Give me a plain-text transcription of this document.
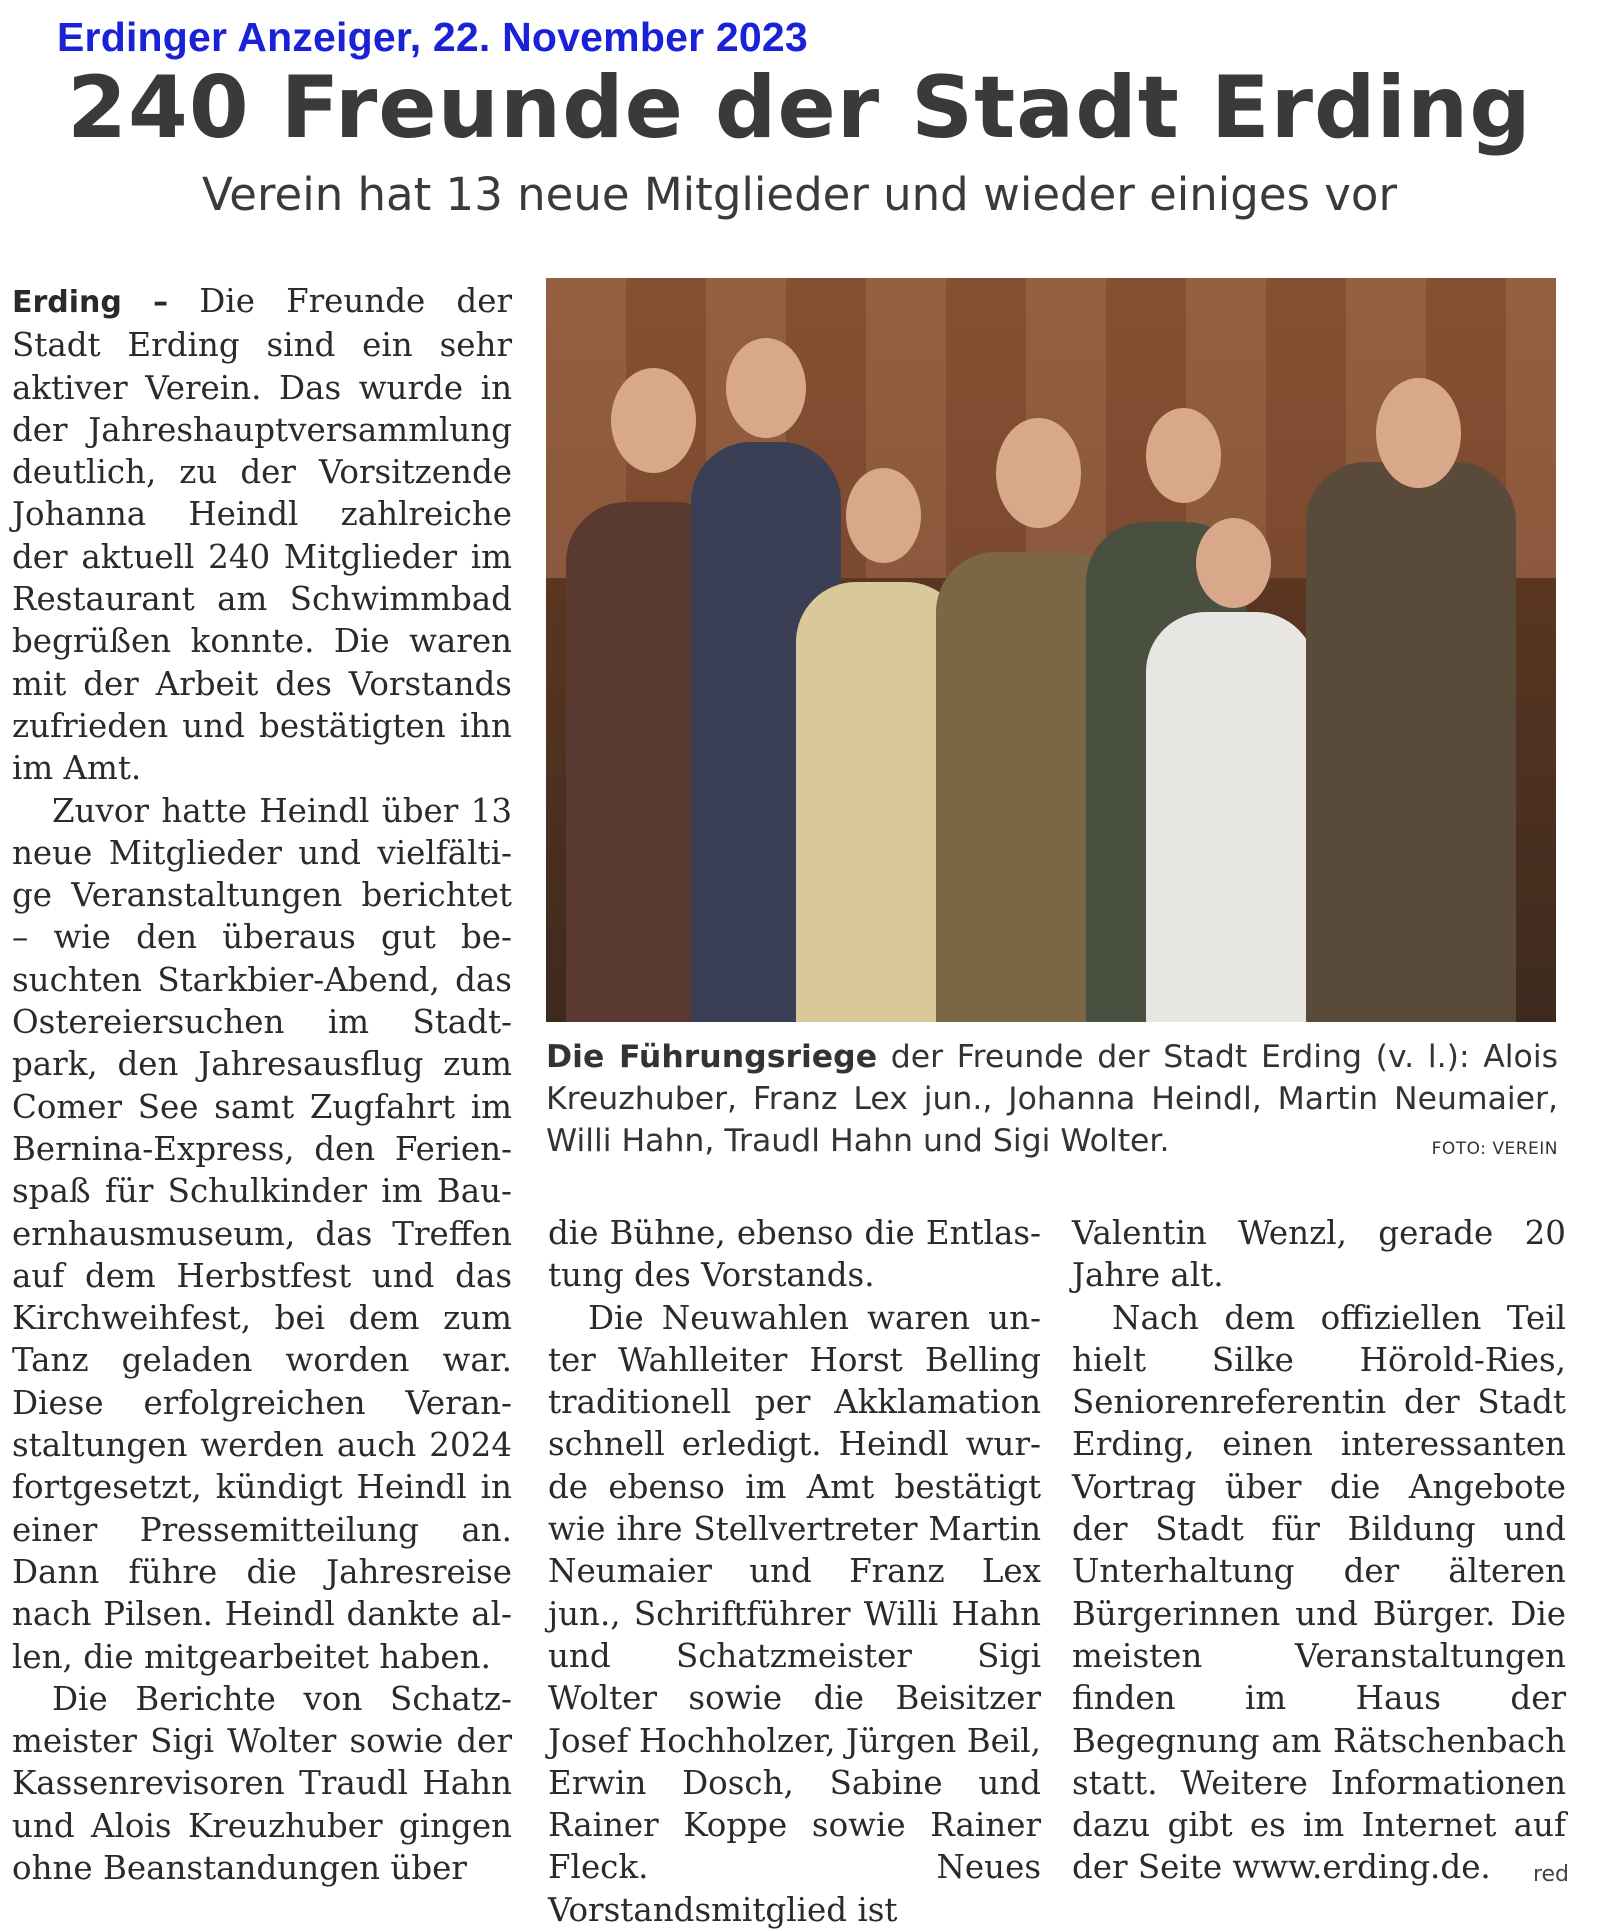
Erdinger Anzeiger, 22. November 2023
240 Freunde der Stadt Erding
Verein hat 13 neue Mitglieder und wieder einiges vor

Erding – Die Freunde der Stadt Erding sind ein sehr aktiver Verein. Das wurde in der Jahreshauptversammlung deutlich, zu der Vorsitzende Johanna Heindl zahlreiche der aktuell 240 Mitglieder im Restaurant am Schwimmbad begrüßen konnte. Die waren mit der Arbeit des Vorstands zufrieden und bestätigten ihn im Amt.

Zuvor hatte Heindl über 13 neue Mitglieder und vielfältige Veranstaltungen berichtet – wie den überaus gut besuchten Starkbier-Abend, das Ostereiersuchen im Stadtpark, den Jahresausflug zum Comer See samt Zugfahrt im Bernina-Express, den Ferienspaß für Schulkinder im Bauernhausmuseum, das Treffen auf dem Herbstfest und das Kirchweihfest, bei dem zum Tanz geladen worden war. Diese erfolgreichen Veranstaltungen werden auch 2024 fortgesetzt, kündigt Heindl in einer Pressemitteilung an. Dann führe die Jahresreise nach Pilsen. Heindl dankte allen, die mitgearbeitet haben.

Die Berichte von Schatzmeister Sigi Wolter sowie der Kassenrevisoren Traudl Hahn und Alois Kreuzhuber gingen ohne Beanstandungen über

Die Führungsriege der Freunde der Stadt Erding (v. l.): Alois Kreuzhuber, Franz Lex jun., Johanna Heindl, Martin Neumaier, Willi Hahn, Traudl Hahn und Sigi Wolter.	FOTO: VEREIN

die Bühne, ebenso die Entlastung des Vorstands.

Die Neuwahlen waren unter Wahlleiter Horst Belling traditionell per Akklamation schnell erledigt. Heindl wurde ebenso im Amt bestätigt wie ihre Stellvertreter Martin Neumaier und Franz Lex jun., Schriftführer Willi Hahn und Schatzmeister Sigi Wolter sowie die Beisitzer Josef Hochholzer, Jürgen Beil, Erwin Dosch, Sabine und Rainer Koppe sowie Rainer Fleck. Neues Vorstandsmitglied ist

Valentin Wenzl, gerade 20 Jahre alt.

Nach dem offiziellen Teil hielt Silke Hörold-Ries, Seniorenreferentin der Stadt Erding, einen interessanten Vortrag über die Angebote der Stadt für Bildung und Unterhaltung der älteren Bürgerinnen und Bürger. Die meisten Veranstaltungen finden im Haus der Begegnung am Rätschenbach statt. Weitere Informationen dazu gibt es im Internet auf der Seite www.erding.de.	red
